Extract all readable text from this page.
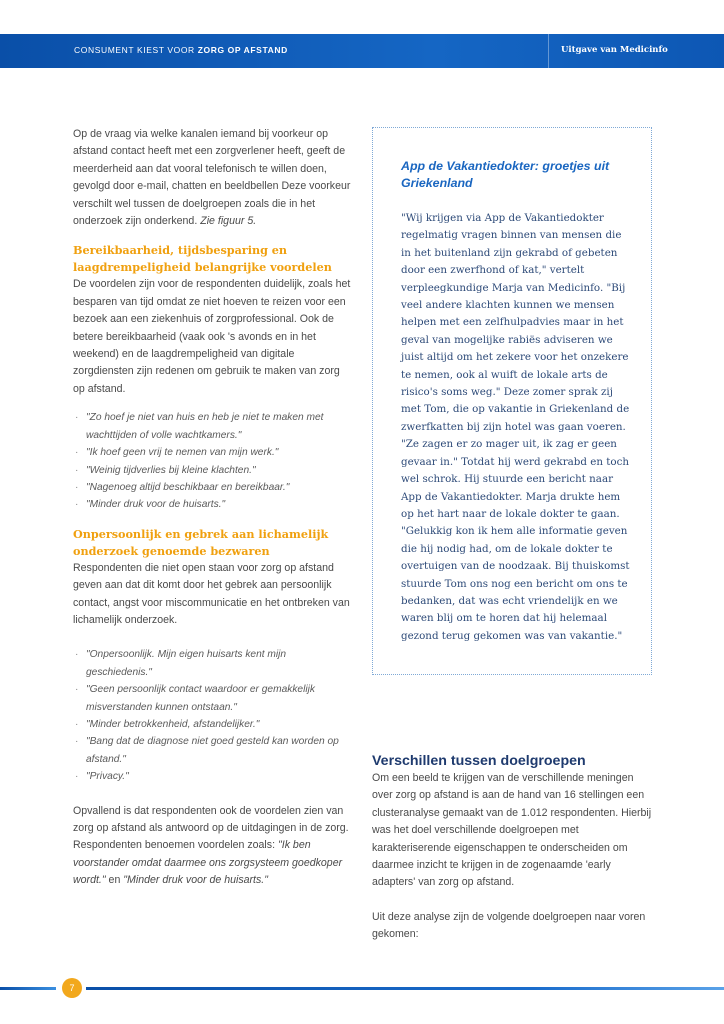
CONSUMENT KIEST VOOR ZORG OP AFSTAND	Uitgave van Medicinfo

Op de vraag via welke kanalen iemand bij voorkeur op afstand contact heeft met een zorgverlener heeft, geeft de meerderheid aan dat vooral telefonisch te willen doen, gevolgd door e-mail, chatten en beeldbellen Deze voorkeur verschilt wel tussen de doelgroepen zoals die in het onderzoek zijn onderkend. Zie figuur 5.

Bereikbaarheid, tijdsbesparing en laagdrempeligheid belangrijke voordelen

De voordelen zijn voor de respondenten duidelijk, zoals het besparen van tijd omdat ze niet hoeven te reizen voor een bezoek aan een ziekenhuis of zorgprofessional. Ook de betere bereikbaarheid (vaak ook 's avonds en in het weekend) en de laagdrempeligheid van digitale zorgdiensten zijn redenen om gebruik te maken van zorg op afstand.

· "Zo hoef je niet van huis en heb je niet te maken met wachttijden of volle wachtkamers."
· "Ik hoef geen vrij te nemen van mijn werk."
· "Weinig tijdverlies bij kleine klachten."
· "Nagenoeg altijd beschikbaar en bereikbaar."
· "Minder druk voor de huisarts."
Onpersoonlijk en gebrek aan lichamelijk onderzoek genoemde bezwaren

Respondenten die niet open staan voor zorg op afstand geven aan dat dit komt door het gebrek aan persoonlijk contact, angst voor miscommunicatie en het ontbreken van lichamelijk onderzoek.

· "Onpersoonlijk. Mijn eigen huisarts kent mijn geschiedenis."
· "Geen persoonlijk contact waardoor er gemakkelijk misverstanden kunnen ontstaan."
· "Minder betrokkenheid, afstandelijker."
· "Bang dat de diagnose niet goed gesteld kan worden op afstand."
· "Privacy."

Opvallend is dat respondenten ook de voordelen zien van zorg op afstand als antwoord op de uitdagingen in de zorg. Respondenten benoemen voordelen zoals: "Ik ben voorstander omdat daarmee ons zorgsysteem goedkoper wordt." en "Minder druk voor de huisarts."

App de Vakantiedokter: groetjes uit Griekenland

"Wij krijgen via App de Vakantiedokter regelmatig vragen binnen van mensen die in het buitenland zijn gekrabd of gebeten door een zwerfhond of kat," vertelt verpleegkundige Marja van Medicinfo. "Bij veel andere klachten kunnen we mensen helpen met een zelfhulpadvies maar in het geval van mogelijke rabiës adviseren we juist altijd om het zekere voor het onzekere te nemen, ook al wuift de lokale arts de risico's soms weg." Deze zomer sprak zij met Tom, die op vakantie in Griekenland de zwerfkatten bij zijn hotel was gaan voeren. "Ze zagen er zo mager uit, ik zag er geen gevaar in." Totdat hij werd gekrabd en toch wel schrok. Hij stuurde een bericht naar App de Vakantiedokter. Marja drukte hem op het hart naar de lokale dokter te gaan. "Gelukkig kon ik hem alle informatie geven die hij nodig had, om de lokale dokter te overtuigen van de noodzaak. Bij thuiskomst stuurde Tom ons nog een bericht om ons te bedanken, dat was echt vriendelijk en we waren blij om te horen dat hij helemaal gezond terug gekomen was van vakantie."

Verschillen tussen doelgroepen

Om een beeld te krijgen van de verschillende meningen over zorg op afstand is aan de hand van 16 stellingen een clusteranalyse gemaakt van de 1.012 respondenten. Hierbij was het doel verschillende doelgroepen met karakteriserende eigenschappen te onderscheiden om daarmee inzicht te krijgen in de zogenaamde 'early adapters' van zorg op afstand.

Uit deze analyse zijn de volgende doelgroepen naar voren gekomen:

7
